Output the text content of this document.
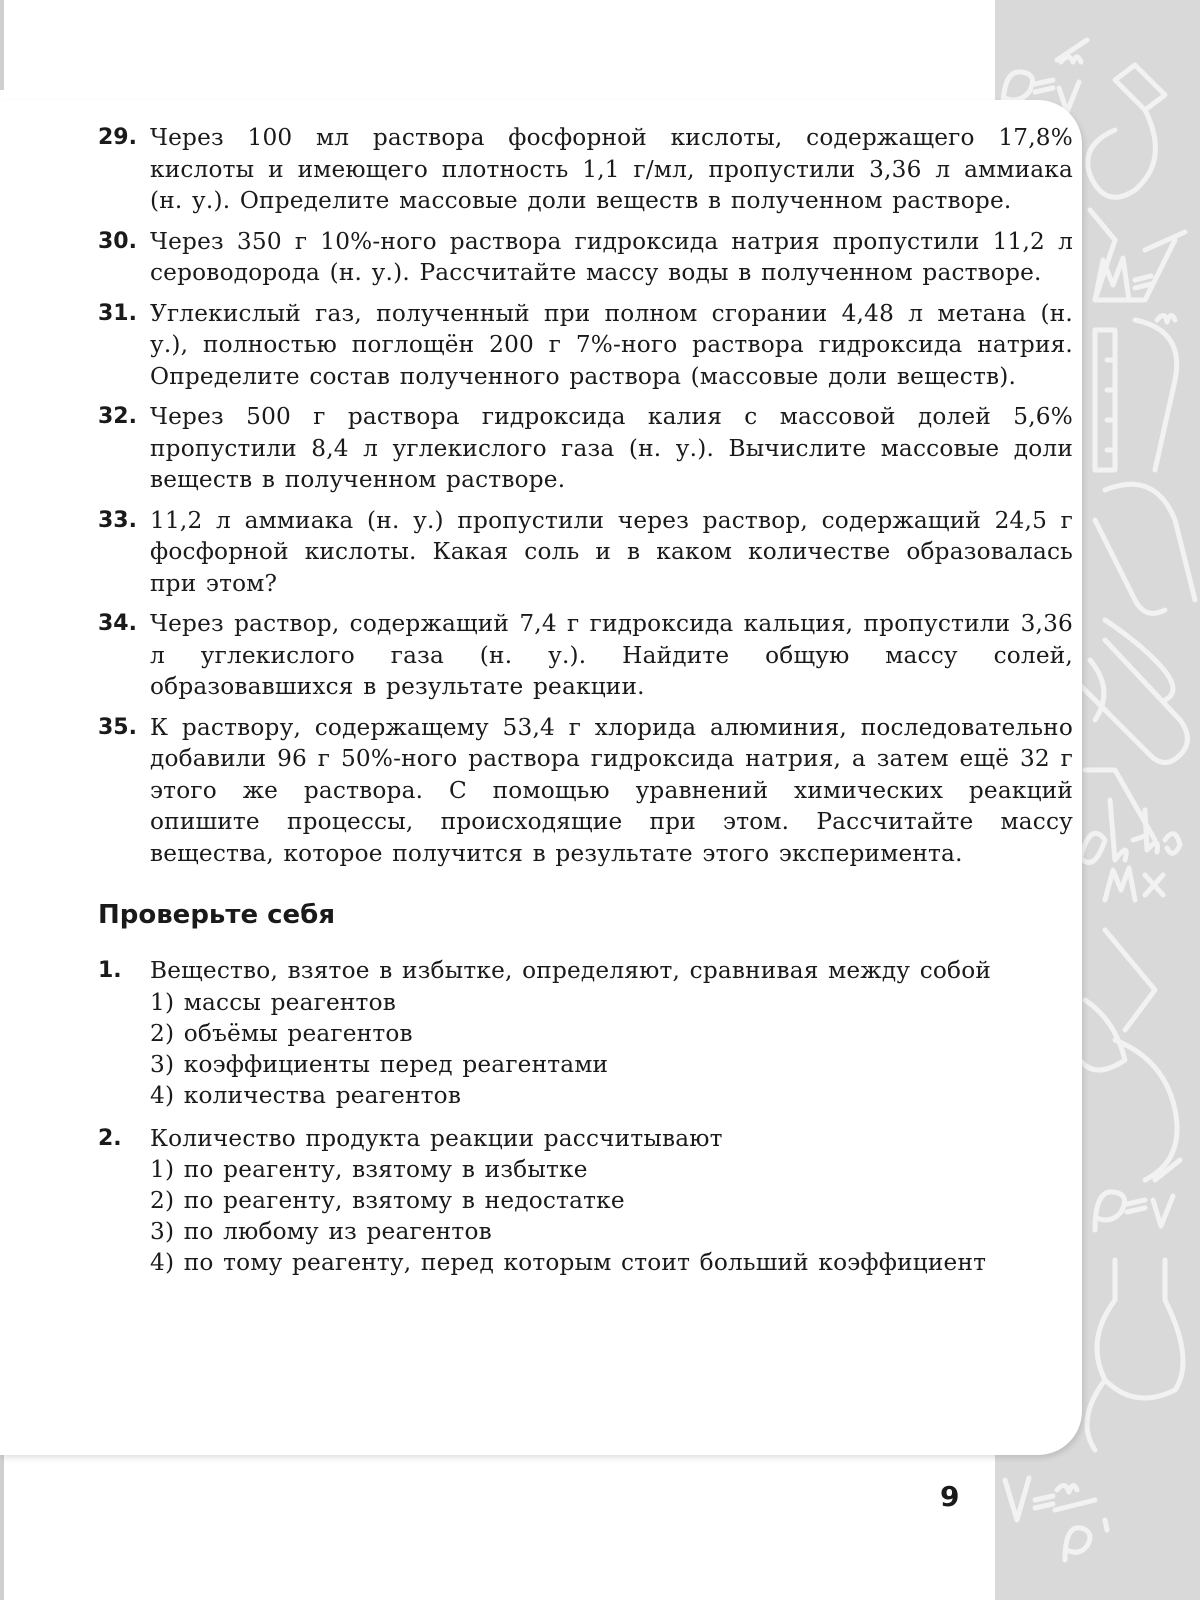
29. Через 100 мл раствора фосфорной кислоты, содержащего 17,8% кислоты и имеющего плотность 1,1 г/мл, пропустили 3,36 л аммиака (н. у.). Определите массовые доли веществ в полученном растворе.
30. Через 350 г 10%-ного раствора гидроксида натрия пропустили 11,2 л сероводорода (н. у.). Рассчитайте массу воды в полученном растворе.
31. Углекислый газ, полученный при полном сгорании 4,48 л метана (н. у.), полностью поглощён 200 г 7%-ного раствора гидроксида натрия. Определите состав полученного раствора (массовые доли веществ).
32. Через 500 г раствора гидроксида калия с массовой долей 5,6% пропустили 8,4 л углекислого газа (н. у.). Вычислите массовые доли веществ в полученном растворе.
33. 11,2 л аммиака (н. у.) пропустили через раствор, содержащий 24,5 г фосфорной кислоты. Какая соль и в каком количестве образовалась при этом?
34. Через раствор, содержащий 7,4 г гидроксида кальция, пропустили 3,36 л углекислого газа (н. у.). Найдите общую массу солей, образовавшихся в результате реакции.
35. К раствору, содержащему 53,4 г хлорида алюминия, последовательно добавили 96 г 50%-ного раствора гидроксида натрия, а затем ещё 32 г этого же раствора. С помощью уравнений химических реакций опишите процессы, происходящие при этом. Рассчитайте массу вещества, которое получится в результате этого эксперимента.
Проверьте себя
1. Вещество, взятое в избытке, определяют, сравнивая между собой
1) массы реагентов
2) объёмы реагентов
3) коэффициенты перед реагентами
4) количества реагентов
2. Количество продукта реакции рассчитывают
1) по реагенту, взятому в избытке
2) по реагенту, взятому в недостатке
3) по любому из реагентов
4) по тому реагенту, перед которым стоит больший коэффициент
9
